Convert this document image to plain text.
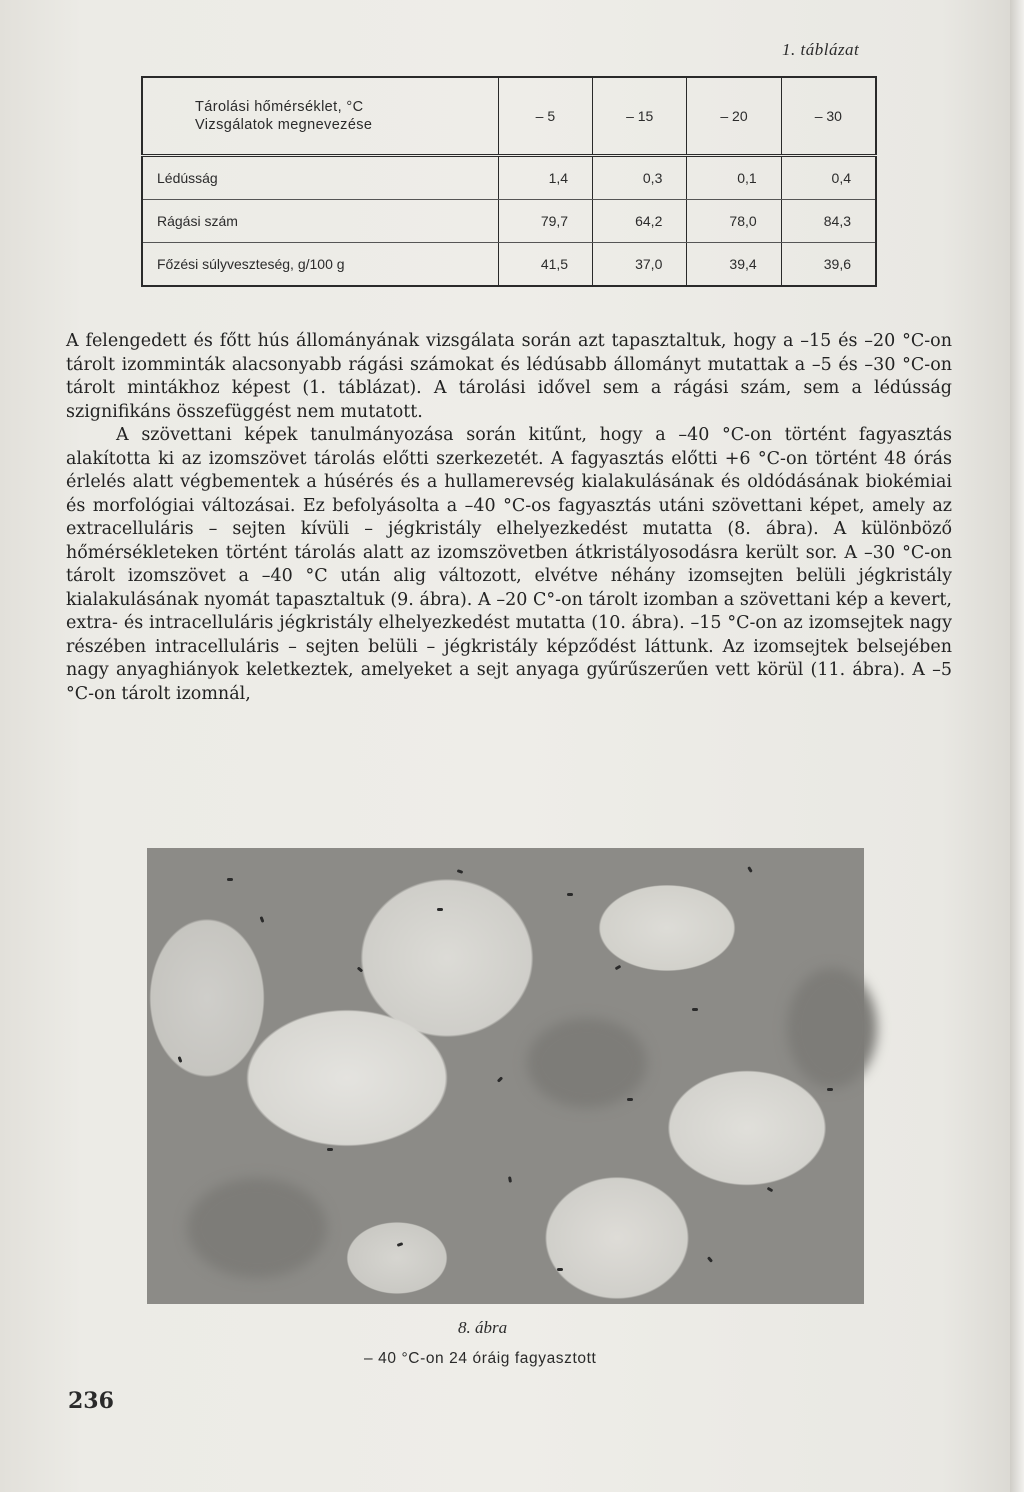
1. táblázat
Tárolási hőmérséklet, °C
Vizsgálatok megnevezése	– 5	– 15	– 20	– 30
Lédússág	1,4	0,3	0,1	0,4
Rágási szám	79,7	64,2	78,0	84,3
Főzési súlyveszteség, g/100 g	41,5	37,0	39,4	39,6

A felengedett és főtt hús állományának vizsgálata során azt tapasztaltuk, hogy a –15 és –20 °C-on tárolt izomminták alacsonyabb rágási számokat és lédúsabb állományt mutattak a –5 és –30 °C-on tárolt mintákhoz képest (1. táblázat). A tárolási idővel sem a rágási szám, sem a lédússág szignifikáns összefüggést nem mutatott.

A szövettani képek tanulmányozása során kitűnt, hogy a –40 °C-on történt fagyasztás alakította ki az izomszövet tárolás előtti szerkezetét. A fagyasztás előtti +6 °C-on történt 48 órás érlelés alatt végbementek a húsérés és a hullamerevség kialakulásának és oldódásának biokémiai és morfológiai változásai. Ez befolyásolta a –40 °C-os fagyasztás utáni szövettani képet, amely az extracelluláris – sejten kívüli – jégkristály elhelyezkedést mutatta (8. ábra). A különböző hőmérsékleteken történt tárolás alatt az izomszövetben átkristályosodásra került sor. A –30 °C-on tárolt izomszövet a –40 °C után alig változott, elvétve néhány izomsejten belüli jégkristály kialakulásának nyomát tapasztaltuk (9. ábra). A –20 C°-on tárolt izomban a szövettani kép a kevert, extra- és intracelluláris jégkristály elhelyezkedést mutatta (10. ábra). –15 °C-on az izomsejtek nagy részében intracelluláris – sejten belüli – jégkristály képződést láttunk. Az izomsejtek belsejében nagy anyaghiányok keletkeztek, amelyeket a sejt anyaga gyűrűszerűen vett körül (11. ábra). A –5 °C-on tárolt izomnál,

8. ábra
– 40 °C-on 24 óráig fagyasztott
236
